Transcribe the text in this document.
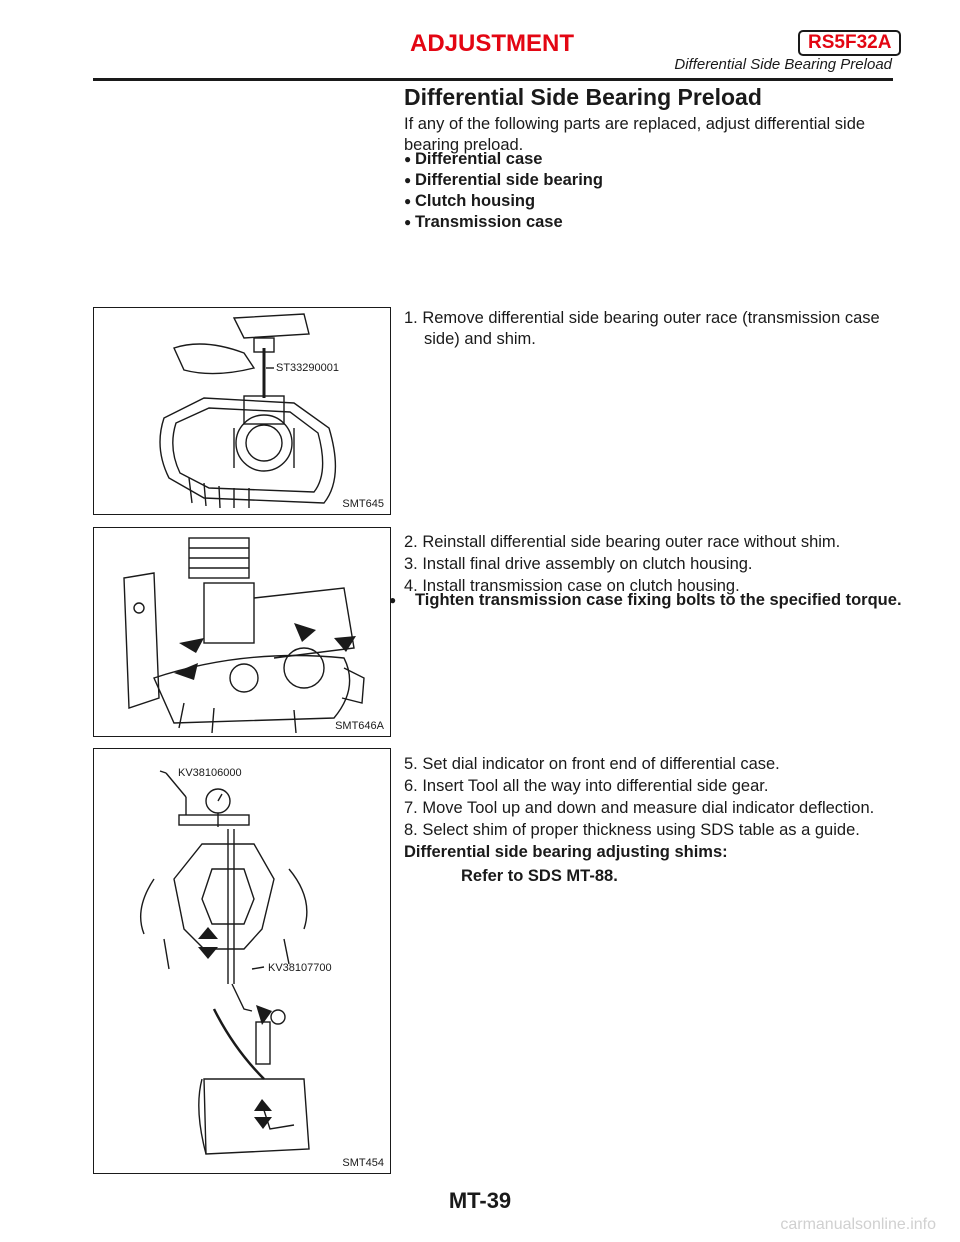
ADJUSTMENT	RS5F32A
Differential Side Bearing Preload
Differential Side Bearing Preload
If any of the following parts are replaced, adjust differential side bearing preload.
● Differential case
● Differential side bearing
● Clutch housing
● Transmission case
ST33290001
SMT645
SMT646A
KV38106000
KV38107700
SMT454
1. Remove differential side bearing outer race (transmission case side) and shim.
2. Reinstall differential side bearing outer race without shim.
3. Install final drive assembly on clutch housing.
4. Install transmission case on clutch housing.
● Tighten transmission case fixing bolts to the specified torque.
5. Set dial indicator on front end of differential case.
6. Insert Tool all the way into differential side gear.
7. Move Tool up and down and measure dial indicator deflection.
8. Select shim of proper thickness using SDS table as a guide.
Differential side bearing adjusting shims:
Refer to SDS MT-88.
MT-39
carmanualsonline.info
